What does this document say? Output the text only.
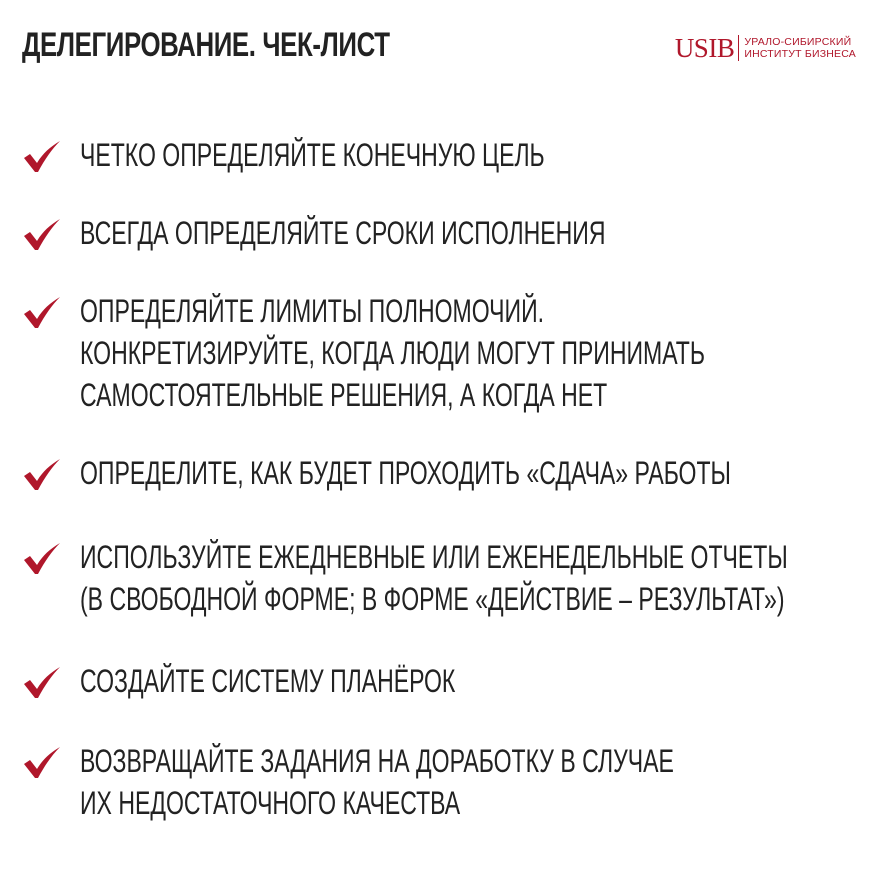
ДЕЛЕГИРОВАНИЕ. ЧЕК-ЛИСТ	USIB УРАЛО-СИБИРСКИЙ
ИНСТИТУТ БИЗНЕСА
ЧЕТКО ОПРЕДЕЛЯЙТЕ КОНЕЧНУЮ ЦЕЛЬ
ВСЕГДА ОПРЕДЕЛЯЙТЕ СРОКИ ИСПОЛНЕНИЯ
ОПРЕДЕЛЯЙТЕ ЛИМИТЫ ПОЛНОМОЧИЙ.
КОНКРЕТИЗИРУЙТЕ, КОГДА ЛЮДИ МОГУТ ПРИНИМАТЬ
САМОСТОЯТЕЛЬНЫЕ РЕШЕНИЯ, А КОГДА НЕТ
ОПРЕДЕЛИТЕ, КАК БУДЕТ ПРОХОДИТЬ «СДАЧА» РАБОТЫ
ИСПОЛЬЗУЙТЕ ЕЖЕДНЕВНЫЕ ИЛИ ЕЖЕНЕДЕЛЬНЫЕ ОТЧЕТЫ
(В СВОБОДНОЙ ФОРМЕ; В ФОРМЕ «ДЕЙСТВИЕ – РЕЗУЛЬТАТ»)
СОЗДАЙТЕ СИСТЕМУ ПЛАНЁРОК
ВОЗВРАЩАЙТЕ ЗАДАНИЯ НА ДОРАБОТКУ В СЛУЧАЕ
ИХ НЕДОСТАТОЧНОГО КАЧЕСТВА
